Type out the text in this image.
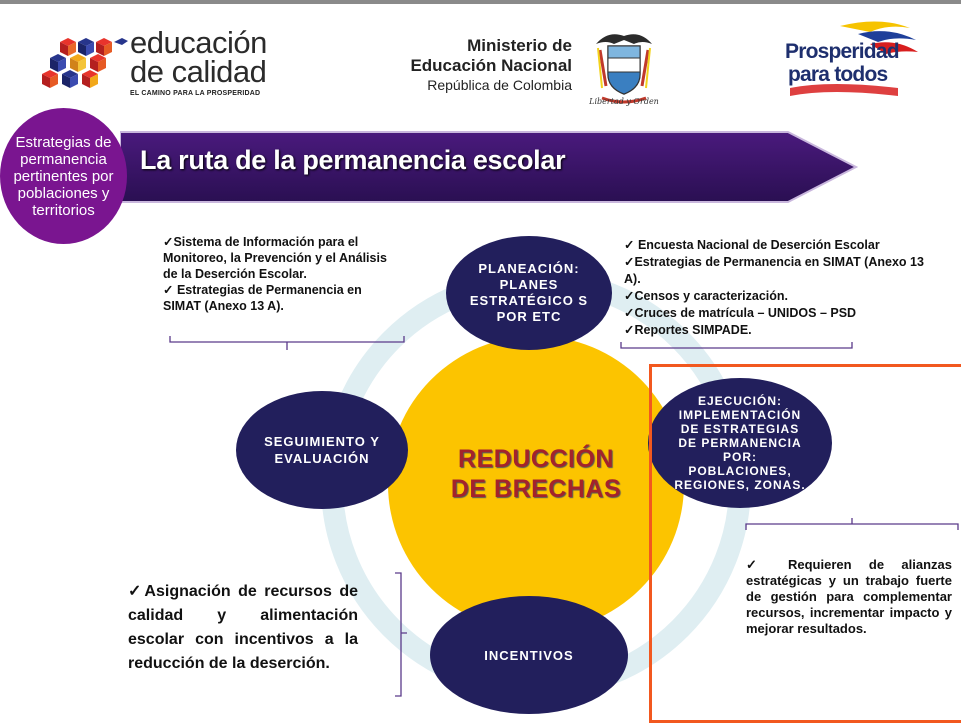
educación
de calidad
EL CAMINO PARA LA PROSPERIDAD
Ministerio de
Educación Nacional
República de Colombia
Libertad y Orden
Prosperidad
para todos
La ruta de la permanencia escolar
Estrategias de permanencia pertinentes por poblaciones y territorios
REDUCCIÓN
DE BRECHAS
PLANEACIÓN: PLANES ESTRATÉGICO S POR ETC
SEGUIMIENTO Y EVALUACIÓN
EJECUCIÓN: IMPLEMENTACIÓN DE ESTRATEGIAS DE PERMANENCIA POR: POBLACIONES, REGIONES, ZONAS.
INCENTIVOS
✓Sistema de Información para el Monitoreo, la Prevención y el Análisis de la Deserción Escolar.
✓ Estrategias de Permanencia en SIMAT (Anexo 13 A).
✓ Encuesta Nacional de Deserción Escolar
✓Estrategias de Permanencia en SIMAT (Anexo 13 A).
✓Censos y caracterización.
✓Cruces de matrícula – UNIDOS – PSD
✓Reportes SIMPADE.
✓Asignación de recursos de calidad y alimentación escolar con incentivos a la reducción de la deserción.
✓ Requieren de alianzas estratégicas y un trabajo fuerte de gestión para complementar recursos, incrementar impacto y mejorar resultados.
